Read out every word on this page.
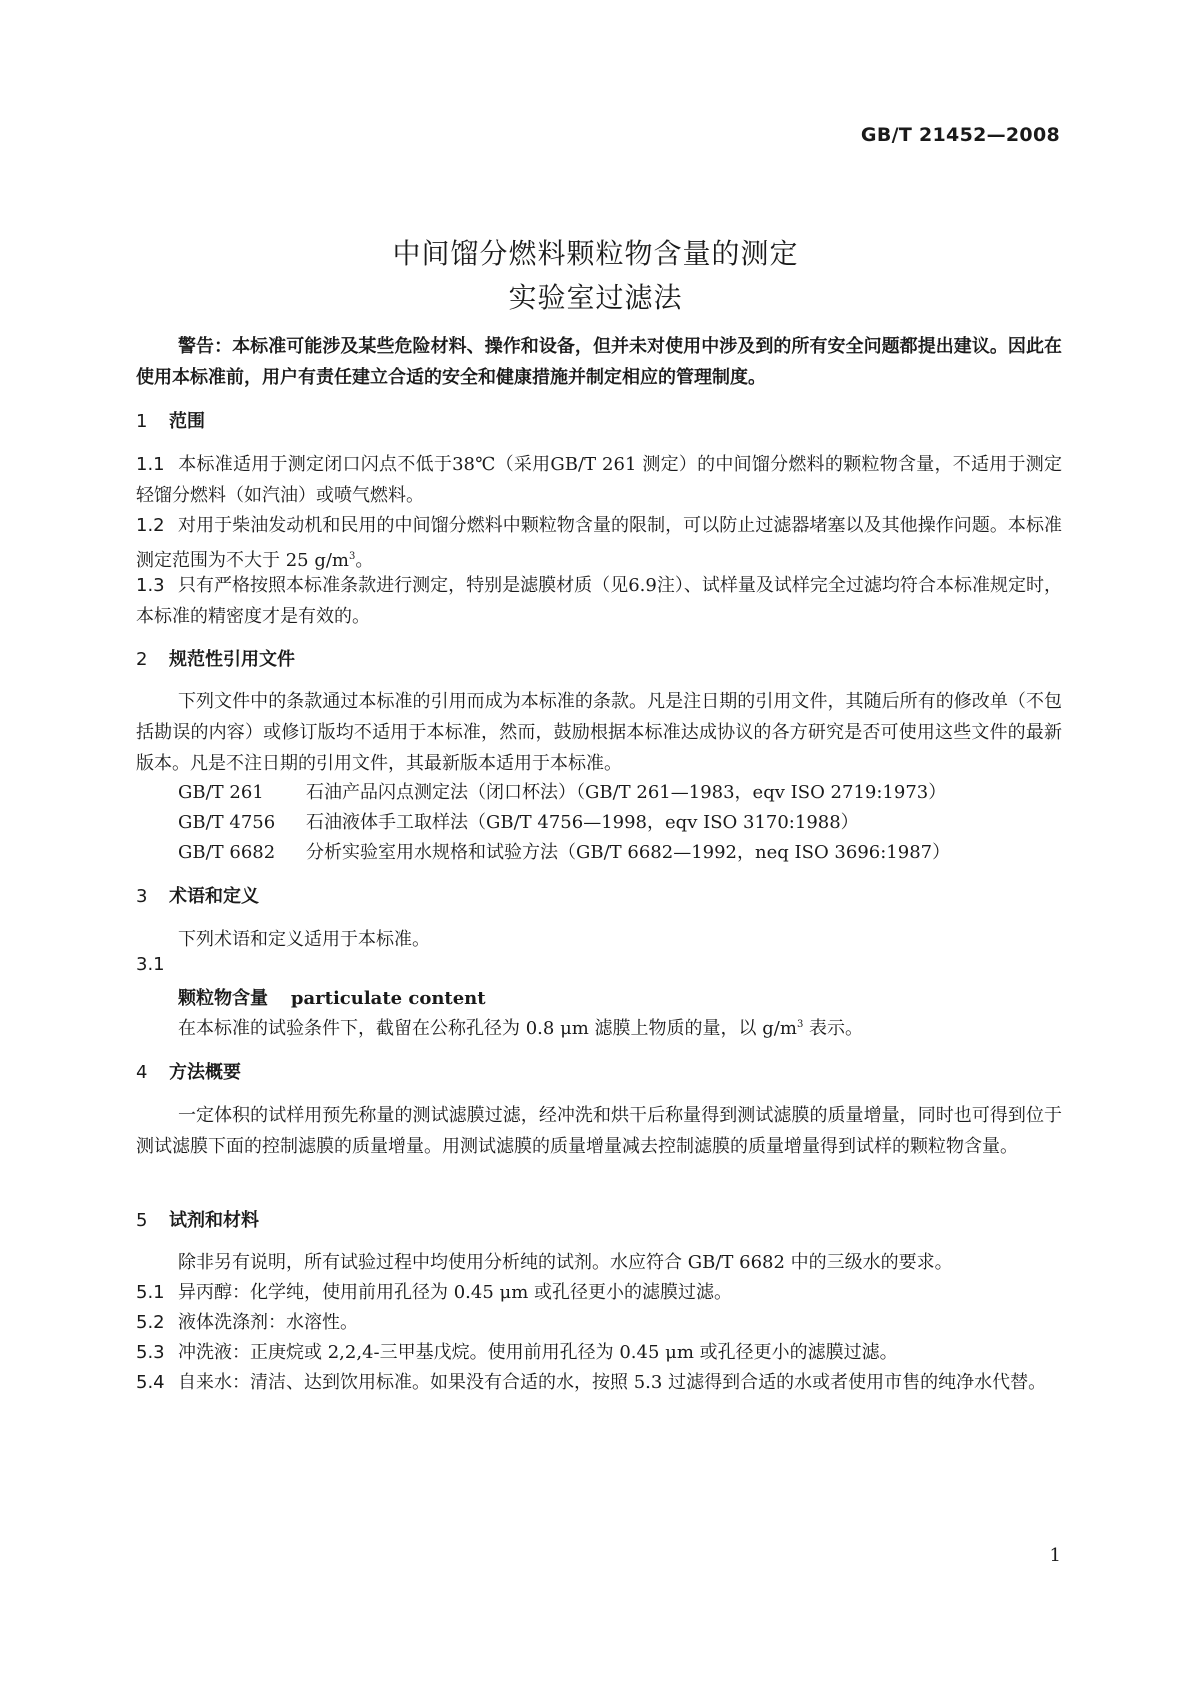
GB/T 21452—2008
中间馏分燃料颗粒物含量的测定
实验室过滤法
警告：本标准可能涉及某些危险材料、操作和设备，但并未对使用中涉及到的所有安全问题都提出建议。因此在使用本标准前，用户有责任建立合适的安全和健康措施并制定相应的管理制度。
1 范围
1.1 本标准适用于测定闭口闪点不低于38℃（采用GB/T 261 测定）的中间馏分燃料的颗粒物含量，不适用于测定轻馏分燃料（如汽油）或喷气燃料。
1.2 对用于柴油发动机和民用的中间馏分燃料中颗粒物含量的限制，可以防止过滤器堵塞以及其他操作问题。本标准测定范围为不大于 25 $g/m^3$。
1.3 只有严格按照本标准条款进行测定，特别是滤膜材质（见6.9注）、试样量及试样完全过滤均符合本标准规定时，本标准的精密度才是有效的。
2 规范性引用文件
下列文件中的条款通过本标准的引用而成为本标准的条款。凡是注日期的引用文件，其随后所有的修改单（不包括勘误的内容）或修订版均不适用于本标准，然而，鼓励根据本标准达成协议的各方研究是否可使用这些文件的最新版本。凡是不注日期的引用文件，其最新版本适用于本标准。
GB/T 261 石油产品闪点测定法（闭口杯法）（GB/T 261—1983，eqv ISO 2719:1973）
GB/T 4756 石油液体手工取样法（GB/T 4756—1998，eqv ISO 3170:1988）
GB/T 6682 分析实验室用水规格和试验方法（GB/T 6682—1992，neq ISO 3696:1987）
3 术语和定义
下列术语和定义适用于本标准。
3.1
颗粒物含量 particulate content
在本标准的试验条件下，截留在公称孔径为 0.8 μm 滤膜上物质的量，以 $g/m^3$ 表示。
4 方法概要
一定体积的试样用预先称量的测试滤膜过滤，经冲洗和烘干后称量得到测试滤膜的质量增量，同时也可得到位于测试滤膜下面的控制滤膜的质量增量。用测试滤膜的质量增量减去控制滤膜的质量增量得到试样的颗粒物含量。
5 试剂和材料
除非另有说明，所有试验过程中均使用分析纯的试剂。水应符合 GB/T 6682 中的三级水的要求。
5.1 异丙醇：化学纯，使用前用孔径为 0.45 μm 或孔径更小的滤膜过滤。
5.2 液体洗涤剂：水溶性。
5.3 冲洗液：正庚烷或 2,2,4-三甲基戊烷。使用前用孔径为 0.45 μm 或孔径更小的滤膜过滤。
5.4 自来水：清洁、达到饮用标准。如果没有合适的水，按照 5.3 过滤得到合适的水或者使用市售的纯净水代替。
1
